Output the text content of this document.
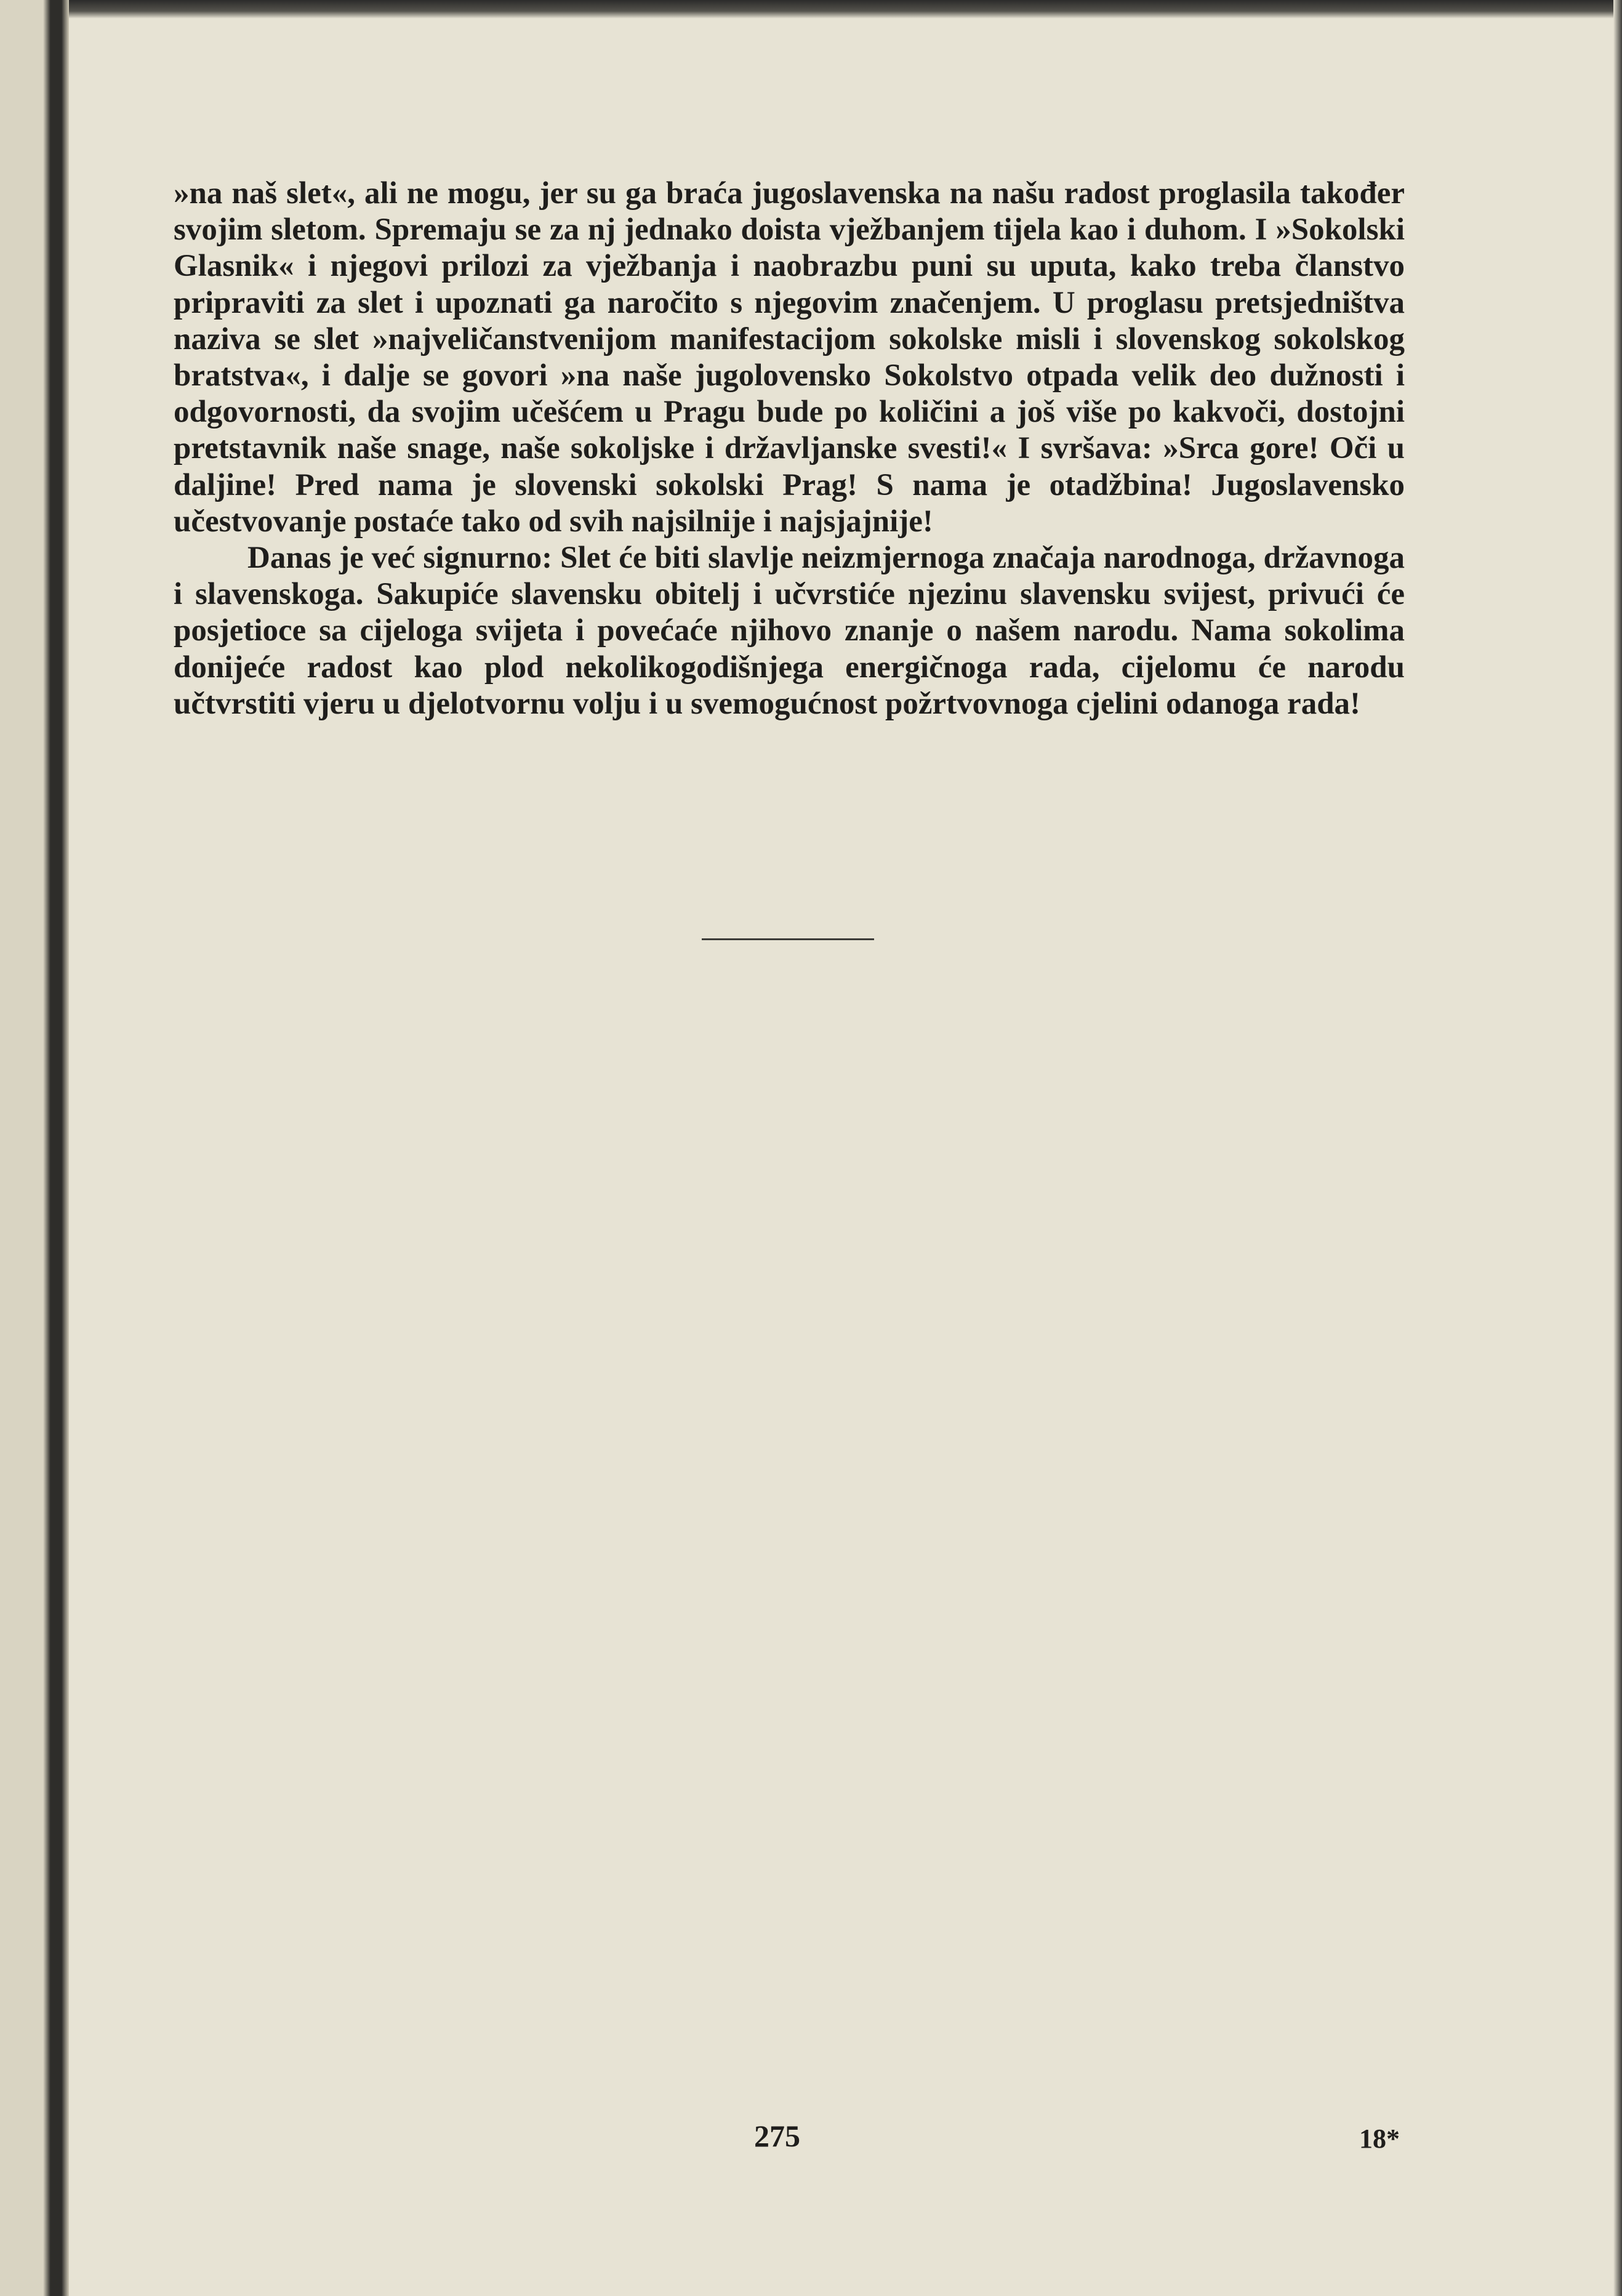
»na naš slet«, ali ne mogu, jer su ga braća jugoslavenska na našu radost proglasila također svojim sletom. Spremaju se za nj jednako doista vježbanjem tijela kao i duhom. I »Sokolski Glasnik« i njegovi prilozi za vježbanja i naobrazbu puni su uputa, kako treba članstvo pripraviti za slet i upoznati ga naročito s njegovim značenjem. U proglasu pretsjedništva naziva se slet »najveličanstvenijom manifestacijom sokolske misli i slovenskog sokolskog bratstva«, i dalje se govori »na naše jugolovensko Sokolstvo otpada velik deo dužnosti i odgovornosti, da svojim učešćem u Pragu bude po količini a još više po kakvoči, dostojni pretstavnik naše snage, naše sokoljske i državljanske svesti!« I svršava: »Srca gore! Oči u daljine! Pred nama je slovenski sokolski Prag! S nama je otadžbina! Jugoslavensko učestvovanje postaće tako od svih najsilnije i najsjajnije!

Danas je već signurno: Slet će biti slavlje neizmjernoga značaja narodnoga, državnoga i slavenskoga. Sakupiće slavensku obitelj i učvrstiće njezinu slavensku svijest, privući će posjetioce sa cijeloga svijeta i povećaće njihovo znanje o našem narodu. Nama sokolima donijeće radost kao plod nekolikogodišnjega energičnoga rada, cijelomu će narodu učtvrstiti vjeru u djelotvornu volju i u svemogućnost požrtvovnoga cjelini odanoga rada!

275	18*
